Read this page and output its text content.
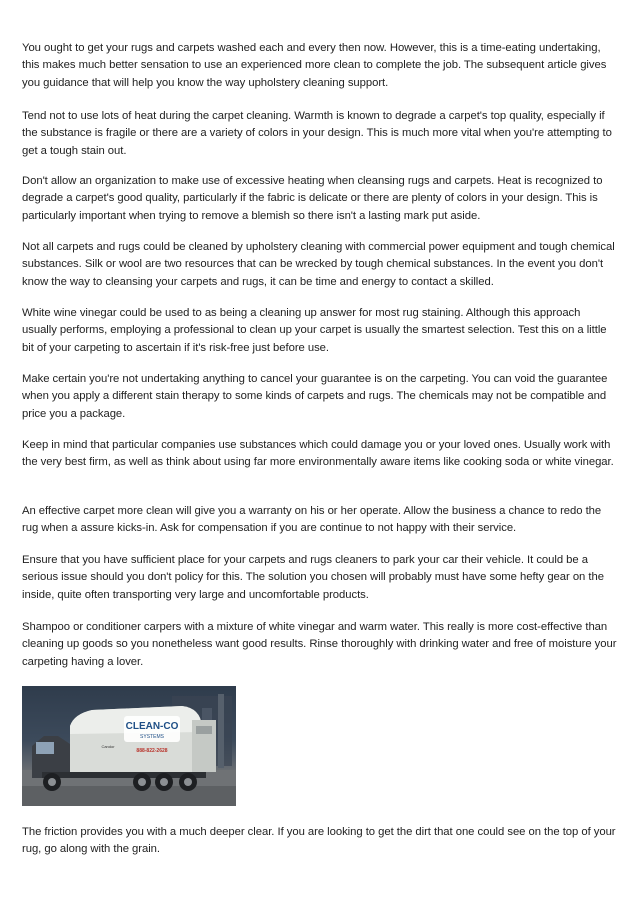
You ought to get your rugs and carpets washed each and every then now. However, this is a time-eating undertaking, this makes much better sensation to use an experienced more clean to complete the job. The subsequent article gives you guidance that will help you know the way upholstery cleaning support.

Tend not to use lots of heat during the carpet cleaning. Warmth is known to degrade a carpet's top quality, especially if the substance is fragile or there are a variety of colors in your design. This is much more vital when you're attempting to get a tough stain out.

Don't allow an organization to make use of excessive heating when cleansing rugs and carpets. Heat is recognized to degrade a carpet's good quality, particularly if the fabric is delicate or there are plenty of colors in your design. This is particularly important when trying to remove a blemish so there isn't a lasting mark put aside.

Not all carpets and rugs could be cleaned by upholstery cleaning with commercial power equipment and tough chemical substances. Silk or wool are two resources that can be wrecked by tough chemical substances. In the event you don't know the way to cleansing your carpets and rugs, it can be time and energy to contact a skilled.

White wine vinegar could be used to as being a cleaning up answer for most rug staining. Although this approach usually performs, employing a professional to clean up your carpet is usually the smartest selection. Test this on a little bit of your carpeting to ascertain if it's risk-free just before use.

Make certain you're not undertaking anything to cancel your guarantee is on the carpeting. You can void the guarantee when you apply a different stain therapy to some kinds of carpets and rugs. The chemicals may not be compatible and price you a package.

Keep in mind that particular companies use substances which could damage you or your loved ones. Usually work with the very best firm, as well as think about using far more environmentally aware items like cooking soda or white vinegar.

An effective carpet more clean will give you a warranty on his or her operate. Allow the business a chance to redo the rug when a assure kicks-in. Ask for compensation if you are continue to not happy with their service.

Ensure that you have sufficient place for your carpets and rugs cleaners to park your car their vehicle. It could be a serious issue should you don't policy for this. The solution you chosen will probably must have some hefty gear on the inside, quite often transporting very large and uncomfortable products.

Shampoo or conditioner carpers with a mixture of white vinegar and warm water. This really is more cost-effective than cleaning up goods so you nonetheless want good results. Rinse thoroughly with drinking water and free of moisture your carpeting having a lover.

CLEAN-CO
SYSTEMS
888-822-2628
Candor

The friction provides you with a much deeper clear. If you are looking to get the dirt that one could see on the top of your rug, go along with the grain.
